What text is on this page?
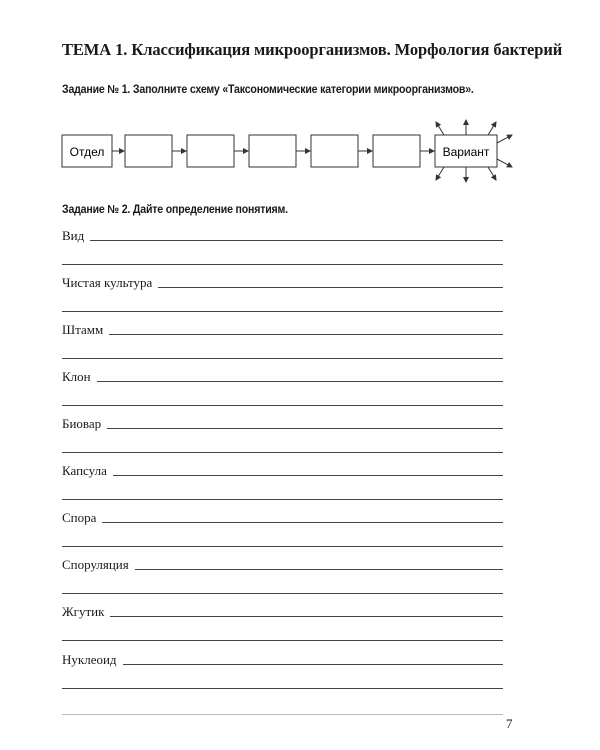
ТЕМА 1. Классификация микроорганизмов. Морфология бактерий
Задание № 1. Заполните схему «Таксономические категории микроорганизмов».
Отдел	Вариант
Задание № 2. Дайте определение понятиям.
Вид
Чистая культура
Штамм
Клон
Биовар
Капсула
Спора
Споруляция
Жгутик
Нуклеоид
7
